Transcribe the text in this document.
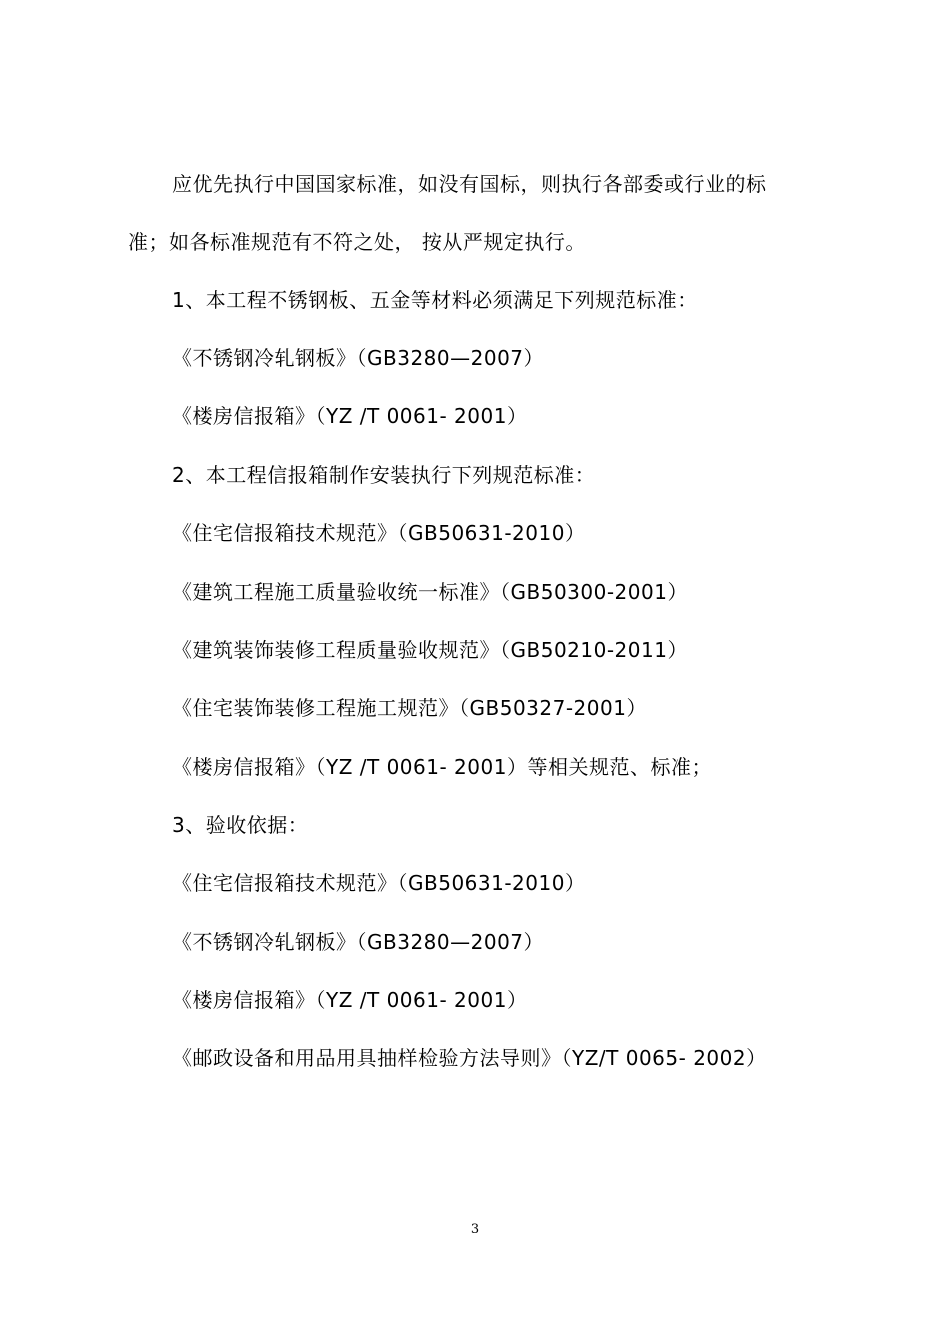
应优先执行中国国家标准，如没有国标，则执行各部委或行业的标
准；如各标准规范有不符之处， 按从严规定执行。
1、本工程不锈钢板、五金等材料必须满足下列规范标准：
《不锈钢冷轧钢板》（GB3280—2007）
《楼房信报箱》（YZ /T 0061- 2001）
2、本工程信报箱制作安装执行下列规范标准：
《住宅信报箱技术规范》（GB50631-2010）
《建筑工程施工质量验收统一标准》（GB50300-2001）
《建筑装饰装修工程质量验收规范》（GB50210-2011）
《住宅装饰装修工程施工规范》（GB50327-2001）
《楼房信报箱》（YZ /T 0061- 2001）等相关规范、标准；
3、验收依据：
《住宅信报箱技术规范》（GB50631-2010）
《不锈钢冷轧钢板》（GB3280—2007）
《楼房信报箱》（YZ /T 0061- 2001）
《邮政设备和用品用具抽样检验方法导则》（YZ/T 0065- 2002）
3
